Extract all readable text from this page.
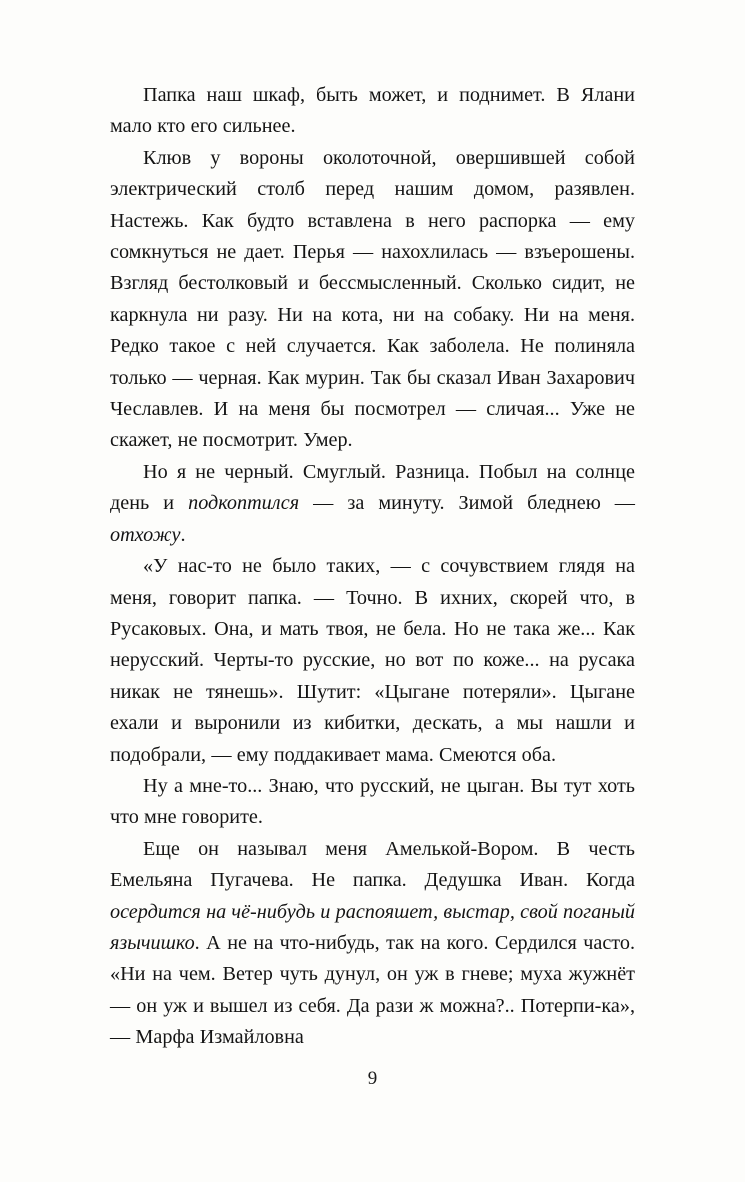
Папка наш шкаф, быть может, и поднимет. В Ялани мало кто его сильнее.

Клюв у вороны околоточной, овершившей собой электрический столб перед нашим домом, разявлен. Настежь. Как будто вставлена в него распорка — ему сомкнуться не дает. Перья — нахохлилась — взъерошены. Взгляд бестолковый и бессмысленный. Сколько сидит, не каркнула ни разу. Ни на кота, ни на собаку. Ни на меня. Редко такое с ней случается. Как заболела. Не полиняла только — черная. Как мурин. Так бы сказал Иван Захарович Чеславлев. И на меня бы посмотрел — сличая... Уже не скажет, не посмотрит. Умер.

Но я не черный. Смуглый. Разница. Побыл на солнце день и подкоптился — за минуту. Зимой бледнею — отхожу.

«У нас-то не было таких, — с сочувствием глядя на меня, говорит папка. — Точно. В ихних, скорей что, в Русаковых. Она, и мать твоя, не бела. Но не така же... Как нерусский. Черты-то русские, но вот по коже... на русака никак не тянешь». Шутит: «Цыгане потеряли». Цыгане ехали и выронили из кибитки, дескать, а мы нашли и подобрали, — ему поддакивает мама. Смеются оба.

Ну а мне-то... Знаю, что русский, не цыган. Вы тут хоть что мне говорите.

Еще он называл меня Амелькой-Вором. В честь Емельяна Пугачева. Не папка. Дедушка Иван. Когда осердится на чё-нибудь и распояшет, выстар, свой поганый язычишко. А не на что-нибудь, так на кого. Сердился часто. «Ни на чем. Ветер чуть дунул, он уж в гневе; муха жужнёт — он уж и вышел из себя. Да рази ж можна?.. Потерпи-ка», — Марфа Измайловна

9
